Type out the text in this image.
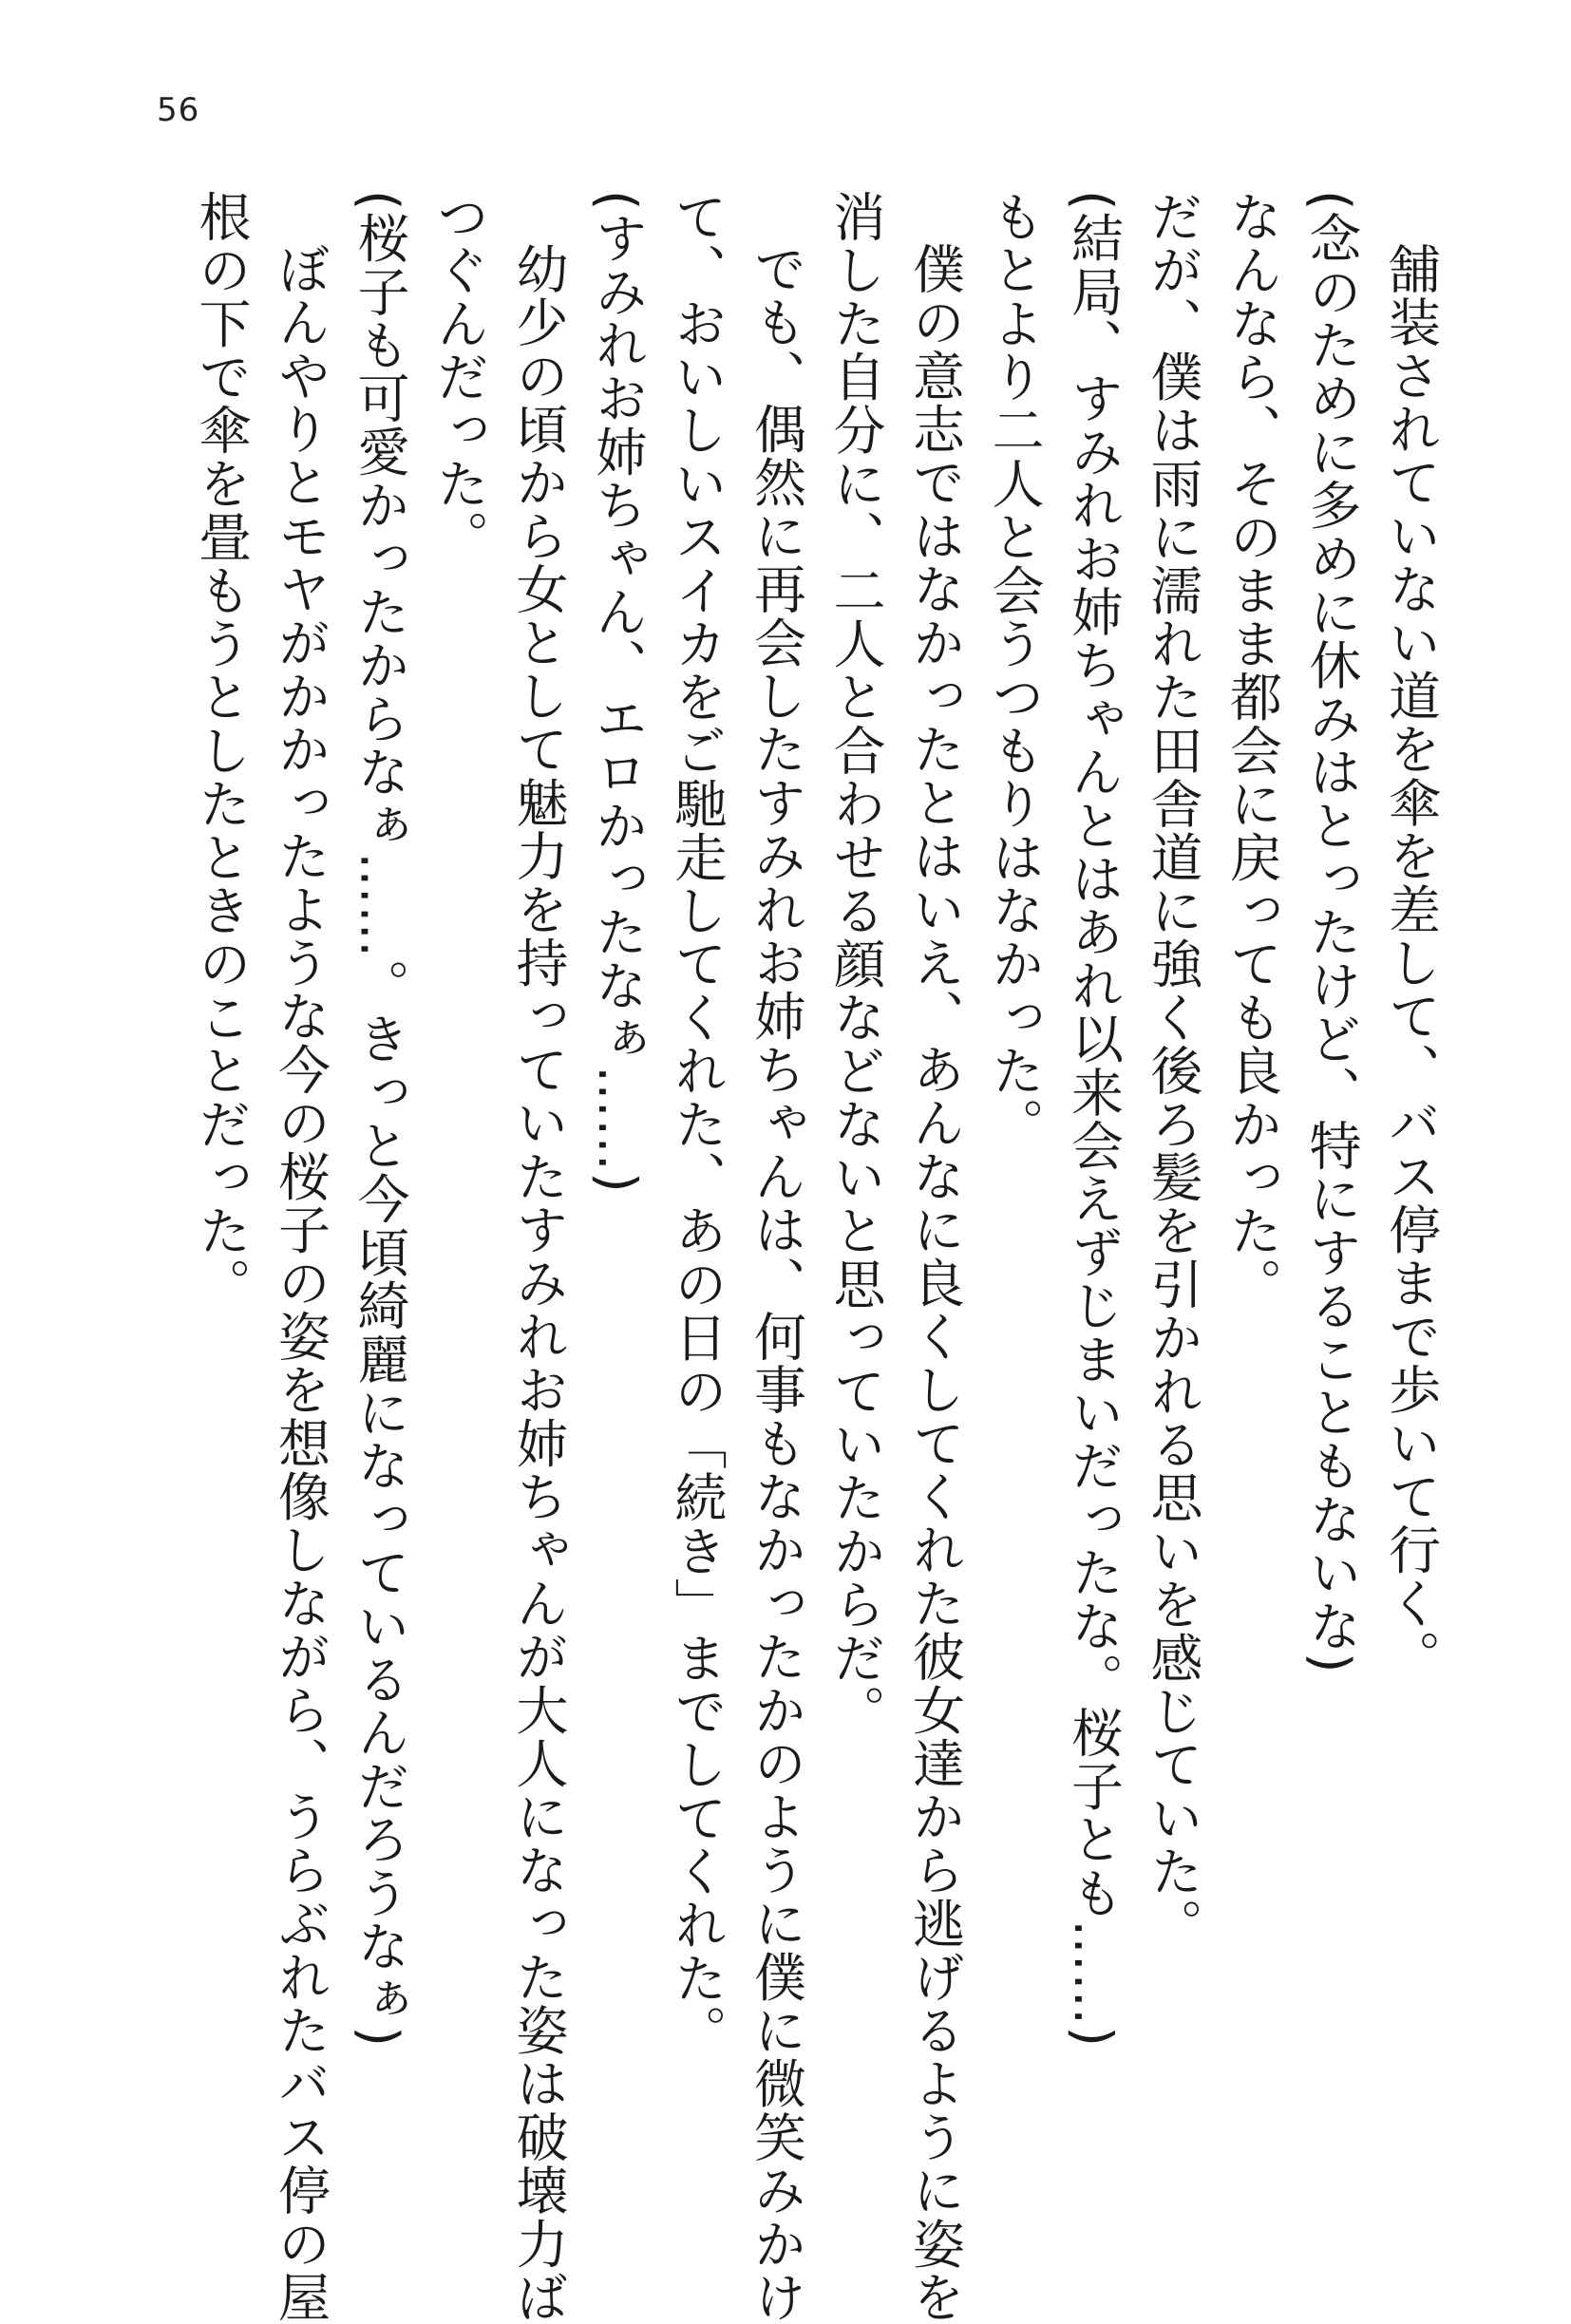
56
舗装されていない道を傘を差して、バス停まで歩いて行く。
(念のために多めに休みはとったけど、特にすることもないな)
なんなら、そのまま都会に戻っても良かった。
だが、僕は雨に濡れた田舎道に強く後ろ髪を引かれる思いを感じていた。
(結局、すみれお姉ちゃんとはあれ以来会えずじまいだったな。桜子とも……)
もとより二人と会うつもりはなかった。
僕の意志ではなかったとはいえ、あんなに良くしてくれた彼女達から逃げるように姿を
消した自分に、二人と合わせる顔などないと思っていたからだ。
でも、偶然に再会したすみれお姉ちゃんは、何事もなかったかのように僕に微笑みかけ
て、おいしいスイカをご馳走してくれた、あの日の「続き」までしてくれた。
(すみれお姉ちゃん、エロかったなぁ……)
幼少の頃から女として魅力を持っていたすみれお姉ちゃんが大人になった姿は破壊力ば
つぐんだった。
(桜子も可愛かったからなぁ……。きっと今頃綺麗になっているんだろうなぁ)
ぼんやりとモヤがかかったような今の桜子の姿を想像しながら、うらぶれたバス停の屋
根の下で傘を畳もうとしたときのことだった。
